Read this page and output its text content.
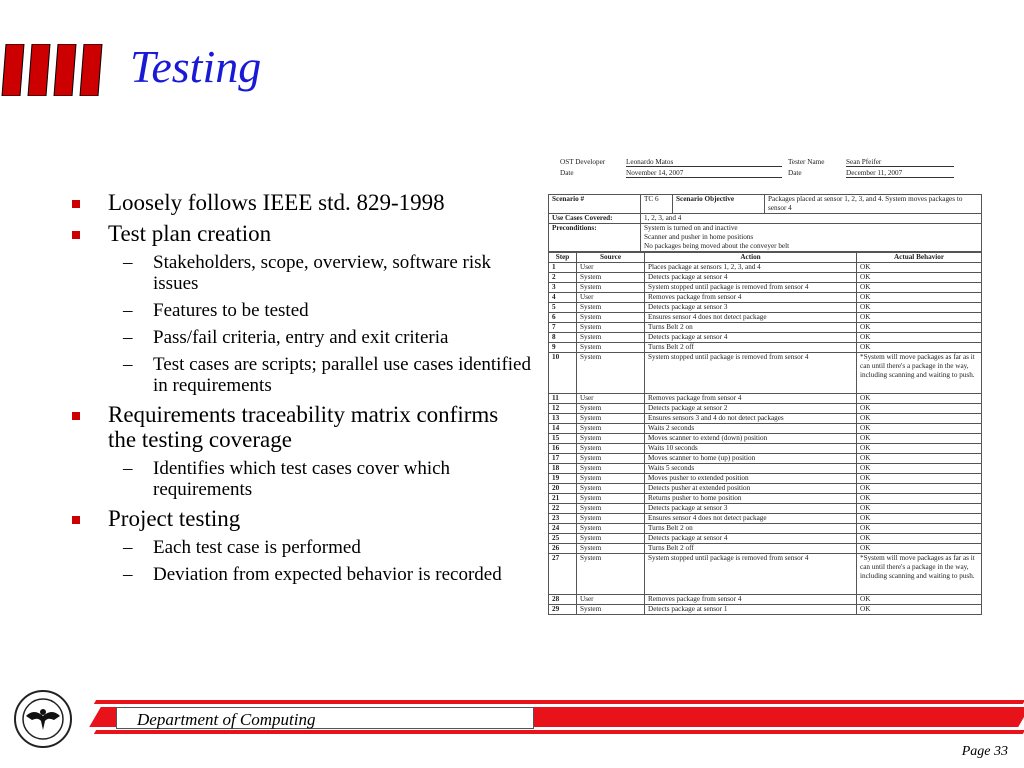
Testing
Loosely follows IEEE std. 829-1998
Test plan creation
– Stakeholders, scope, overview, software risk issues
– Features to be tested
– Pass/fail criteria, entry and exit criteria
– Test cases are scripts; parallel use cases identified in requirements
Requirements traceability matrix confirms the testing coverage
– Identifies which test cases cover which requirements
Project testing
– Each test case is performed
– Deviation from expected behavior is recorded
OST Developer	Leonardo Matos	Tester Name	Sean Pfeifer
Date	November 14, 2007	Date	December 11, 2007
Scenario #	TC 6	Scenario Objective	Packages placed at sensor 1, 2, 3, and 4. System moves packages to sensor 4
Use Cases Covered:	1, 2, 3, and 4		
Preconditions:	System is turned on and inactive
Scanner and pusher in home positions
No packages being moved about the conveyer belt		
Step	Source	Action	Actual Behavior
1	User	Places package at sensors 1, 2, 3, and 4	OK
2	System	Detects package at sensor 4	OK
3	System	System stopped until package is removed from sensor 4	OK
4	User	Removes package from sensor 4	OK
5	System	Detects package at sensor 3	OK
6	System	Ensures sensor 4 does not detect package	OK
7	System	Turns Belt 2 on	OK
8	System	Detects package at sensor 4	OK
9	System	Turns Belt 2 off	OK
10	System	System stopped until package is removed from sensor 4	*System will move packages as far as it can until there's a package in the way, including scanning and waiting to push.
11	User	Removes package from sensor 4	OK
12	System	Detects package at sensor 2	OK
13	System	Ensures sensors 3 and 4 do not detect packages	OK
14	System	Waits 2 seconds	OK
15	System	Moves scanner to extend (down) position	OK
16	System	Waits 10 seconds	OK
17	System	Moves scanner to home (up) position	OK
18	System	Waits 5 seconds	OK
19	System	Moves pusher to extended position	OK
20	System	Detects pusher at extended position	OK
21	System	Returns pusher to home position	OK
22	System	Detects package at sensor 3	OK
23	System	Ensures sensor 4 does not detect package	OK
24	System	Turns Belt 2 on	OK
25	System	Detects package at sensor 4	OK
26	System	Turns Belt 2 off	OK
27	System	System stopped until package is removed from sensor 4	*System will move packages as far as it can until there's a package in the way, including scanning and waiting to push.
28	User	Removes package from sensor 4	OK
29	System	Detects package at sensor 1	OK
Department of Computing
Page 33
